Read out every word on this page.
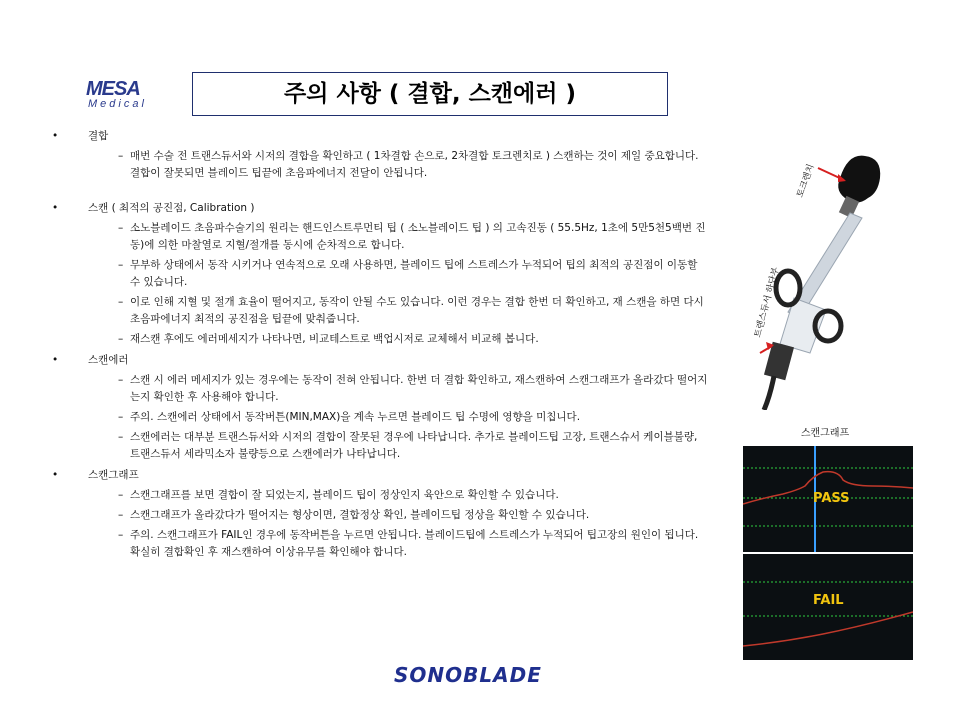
MESA
Medical	주의 사항 ( 결합, 스캔에러 )
•	결합
– 매번 수술 전 트랜스듀서와 시저의 결합을 확인하고 ( 1차결합 손으로, 2차결합 토크렌치로 ) 스캔하는 것이 제일 중요합니다. 결합이 잘못되면 블레이드 팁끝에 초음파에너지 전달이 안됩니다.
•	스캔 ( 최적의 공진점, Calibration )
– 소노블레이드 초음파수술기의 원리는 핸드인스트루먼티 팁 ( 소노블레이드 팁 ) 의 고속진동 ( 55.5Hz, 1초에 5만5천5백번 진동)에 의한 마찰열로 지혈/절개를 동시에 순차적으로 합니다.
– 무부하 상태에서 동작 시키거나 연속적으로 오래 사용하면, 블레이드 팁에 스트레스가 누적되어 팁의 최적의 공진점이 이동할 수 있습니다.
– 이로 인해 지혈 및 절개 효율이 떨어지고, 동작이 안될 수도 있습니다. 이런 경우는 결합 한번 더 확인하고, 재 스캔을 하면 다시 초음파에너지 최적의 공진점을 팁끝에 맞춰줍니다.
– 재스캔 후에도 에러메세지가 나타나면, 비교테스트로 백업시저로 교체해서 비교해 봅니다.
•	스캔에러
– 스캔 시 에러 메세지가 있는 경우에는 동작이 전혀 안됩니다. 한번 더 결합 확인하고, 재스캔하여 스캔그래프가 올라갔다 떨어지는지 확인한 후 사용해야 합니다.
– 주의. 스캔에러 상태에서 동작버튼(MIN,MAX)을 계속 누르면 블레이드 팁 수명에 영향을 미칩니다.
– 스캔에러는 대부분 트랜스듀서와 시저의 결합이 잘못된 경우에 나타납니다. 추가로 블레이드팁 고장, 트랜스슈서 케이블불량, 트랜스듀서 세라믹소자 불량등으로 스캔에러가 나타납니다.
•	스캔그래프
– 스캔그래프를 보면 결합이 잘 되었는지, 블레이드 팁이 정상인지 육안으로 확인할 수 있습니다.
– 스캔그래프가 올라갔다가 떨어지는 형상이면, 결합정상 확인, 블레이드팁 정상을 확인할 수 있습니다.
– 주의. 스캔그래프가 FAIL인 경우에 동작버튼을 누르면 안됩니다. 블레이드팁에 스트레스가 누적되어 팁고장의 원인이 됩니다. 확실히 결합확인 후 재스캔하여 이상유무를 확인해야 합니다.
토크렌치
트랜스듀서 하단부
스캔그래프
PASS
FAIL
SONOBLADE
